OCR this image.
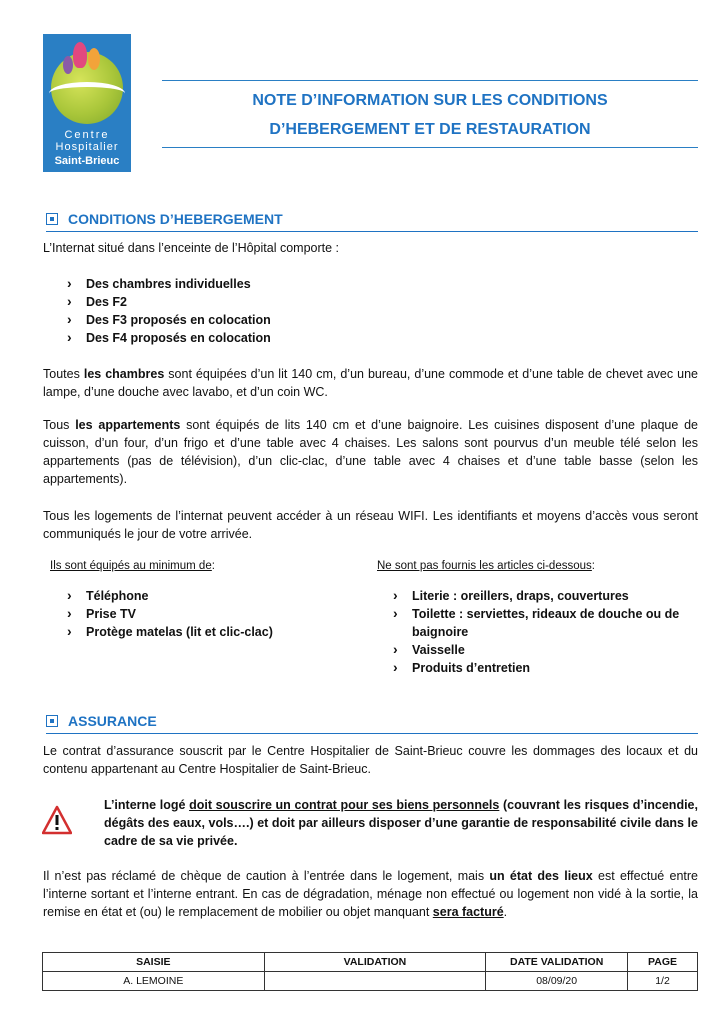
Centre
Hospitalier
Saint-Brieuc
NOTE D’INFORMATION SUR LES CONDITIONS
D’HEBERGEMENT ET DE RESTAURATION
CONDITIONS D’HEBERGEMENT
L’Internat situé dans l’enceinte de l’Hôpital comporte :
› Des chambres individuelles
› Des F2
› Des F3 proposés en colocation
› Des F4 proposés en colocation
Toutes les chambres sont équipées d’un lit 140 cm, d’un bureau, d’une commode et d’une table de chevet avec une lampe, d’une douche avec lavabo, et d’un coin WC.
Tous les appartements sont équipés de lits 140 cm et d’une baignoire. Les cuisines disposent d’une plaque de cuisson, d’un four, d’un frigo et d’une table avec 4 chaises. Les salons sont pourvus d’un meuble télé selon les appartements (pas de télévision), d’un clic-clac, d’une table avec 4 chaises et d’une table basse (selon les appartements).
Tous les logements de l’internat peuvent accéder à un réseau WIFI. Les identifiants et moyens d’accès vous seront communiqués le jour de votre arrivée.
Ils sont équipés au minimum de:	Ne sont pas fournis les articles ci-dessous:
› Téléphone
› Prise TV
› Protège matelas (lit et clic-clac)
› Literie : oreillers, draps, couvertures
› Toilette : serviettes, rideaux de douche ou de baignoire
› Vaisselle
› Produits d’entretien
ASSURANCE
Le contrat d’assurance souscrit par le Centre Hospitalier de Saint-Brieuc couvre les dommages des locaux et du contenu appartenant au Centre Hospitalier de Saint-Brieuc.
L’interne logé doit souscrire un contrat pour ses biens personnels (couvrant les risques d’incendie, dégâts des eaux, vols….) et doit par ailleurs disposer d’une garantie de responsabilité civile dans le cadre de sa vie privée.
Il n’est pas réclamé de chèque de caution à l’entrée dans le logement, mais un état des lieux est effectué entre l’interne sortant et l’interne entrant. En cas de dégradation, ménage non effectué ou logement non vidé à la sortie, la remise en état et (ou) le remplacement de mobilier ou objet manquant sera facturé.
SAISIE	VALIDATION	DATE VALIDATION	PAGE
A. LEMOINE		08/09/20	1/2
